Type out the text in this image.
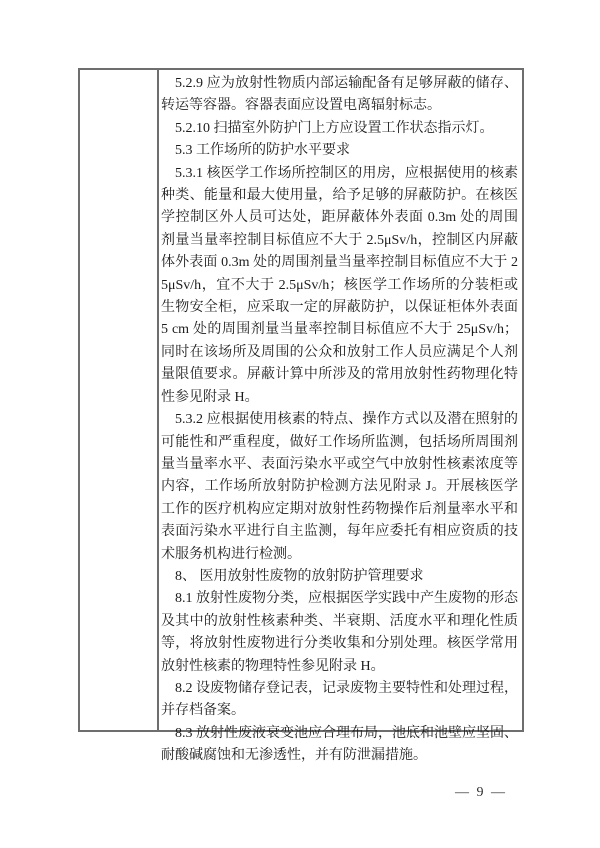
5.2.9 应为放射性物质内部运输配备有足够屏蔽的储存、转运等容器。容器表面应设置电离辐射标志。

5.2.10 扫描室外防护门上方应设置工作状态指示灯。

5.3 工作场所的防护水平要求

5.3.1 核医学工作场所控制区的用房，应根据使用的核素种类、能量和最大使用量，给予足够的屏蔽防护。在核医学控制区外人员可达处，距屏蔽体外表面 0.3m 处的周围剂量当量率控制目标值应不大于 2.5μSv/h，控制区内屏蔽体外表面 0.3m 处的周围剂量当量率控制目标值应不大于 25μSv/h，宜不大于 2.5μSv/h；核医学工作场所的分装柜或生物安全柜，应采取一定的屏蔽防护，以保证柜体外表面 5 cm 处的周围剂量当量率控制目标值应不大于 25μSv/h；同时在该场所及周围的公众和放射工作人员应满足个人剂量限值要求。屏蔽计算中所涉及的常用放射性药物理化特性参见附录 H。

5.3.2 应根据使用核素的特点、操作方式以及潜在照射的可能性和严重程度，做好工作场所监测，包括场所周围剂量当量率水平、表面污染水平或空气中放射性核素浓度等内容，工作场所放射防护检测方法见附录 J。开展核医学工作的医疗机构应定期对放射性药物操作后剂量率水平和表面污染水平进行自主监测，每年应委托有相应资质的技术服务机构进行检测。

8、 医用放射性废物的放射防护管理要求

8.1 放射性废物分类，应根据医学实践中产生废物的形态及其中的放射性核素种类、半衰期、活度水平和理化性质等，将放射性废物进行分类收集和分别处理。核医学常用放射性核素的物理特性参见附录 H。

8.2 设废物储存登记表，记录废物主要特性和处理过程，并存档备案。

8.3 放射性废液衰变池应合理布局，池底和池壁应坚固、耐酸碱腐蚀和无渗透性，并有防泄漏措施。

— 9 —
